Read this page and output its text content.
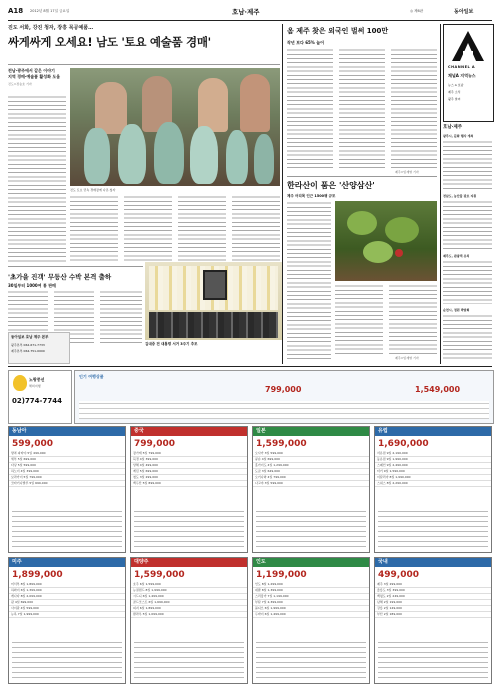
A18 2012년 8월 17일 금요일	호남·제주	◎ 제6판	동아일보
진도 서화, 강진 청자, 장흥 목공예품…
싸게싸게 오세요! 남도 '토요 예술품 경매'
전남·광주에서 같은 이야기
지역 경매·예술품 활성화 도움
진도=정승호 기자
진도 토요 민속 경매장에 나온 청자
'초가을 진객' 무등산 수박 본격 출하
30일부터 1000여 통 판매
동아일보 호남 제주 본부
광주본부 062-671-7733
제주본부 064-751-0000
옴 제주 찾은 외국인 벌써 100만
작년 보다 65% 늘어
제주=임재영 기자
한라산이 품은 '산양삼산'
제주 어리목 인근 1500평 규모
김대중 전 대통령 서거 3주기 추모
제주=임재영 기자
CHANNEL A
채널A 지역뉴스
뉴스 A 호남
제주 소식
광주 날씨
호남·제주
광주시, 문화 행사 개최
전남도, 농산물 판로 지원
제주도, 관광객 유치
순천시, 정원 박람회
노랑풍선
해외여행
02)774-7744
인기 여행상품
799,000	1,549,000
동남아
599,000
방콕 파타야 5일 499,000
세부 5일 699,000
다낭 5일 599,000
하노이 4일 399,000
보라카이 5일 799,000
코타키나발루 5일 699,000
중국
799,000
장가계 5일 799,000
북경 4일 399,000
상해 4일 499,000
계림 5일 699,000
청도 3일 299,000
백두산 5일 899,000
일본
1,599,000
오사카 3일 599,000
큐슈 4일 699,000
홋카이도 4일 1,299,000
도쿄 3일 649,000
오키나와 4일 799,000
나고야 3일 599,000
유럽
1,690,000
서유럽 9일 2,190,000
동유럽 9일 1,990,000
스페인 9일 2,490,000
터키 9일 1,590,000
이탈리아 8일 1,990,000
스위스 8일 2,290,000
미주
1,899,000
미서부 8일 1,899,000
하와이 6일 1,399,000
캐나다 8일 2,099,000
괌 4일 699,000
사이판 4일 599,000
뉴욕 7일 1,999,000
대양주
1,599,000
호주 6일 1,599,000
뉴질랜드 8일 1,999,000
시드니 6일 1,499,000
골드코스트 6일 1,699,000
피지 6일 1,899,000
팔라우 5일 1,099,000
인도
1,199,000
인도 8일 1,299,000
네팔 8일 1,399,000
스리랑카 7일 1,199,000
부탄 7일 2,399,000
몰디브 6일 1,999,000
두바이 6일 1,499,000
국내
499,000
제주 3일 299,000
울릉도 3일 399,000
백령도 2일 249,000
남해 2일 199,000
강릉 2일 149,000
부산 2일 189,000
